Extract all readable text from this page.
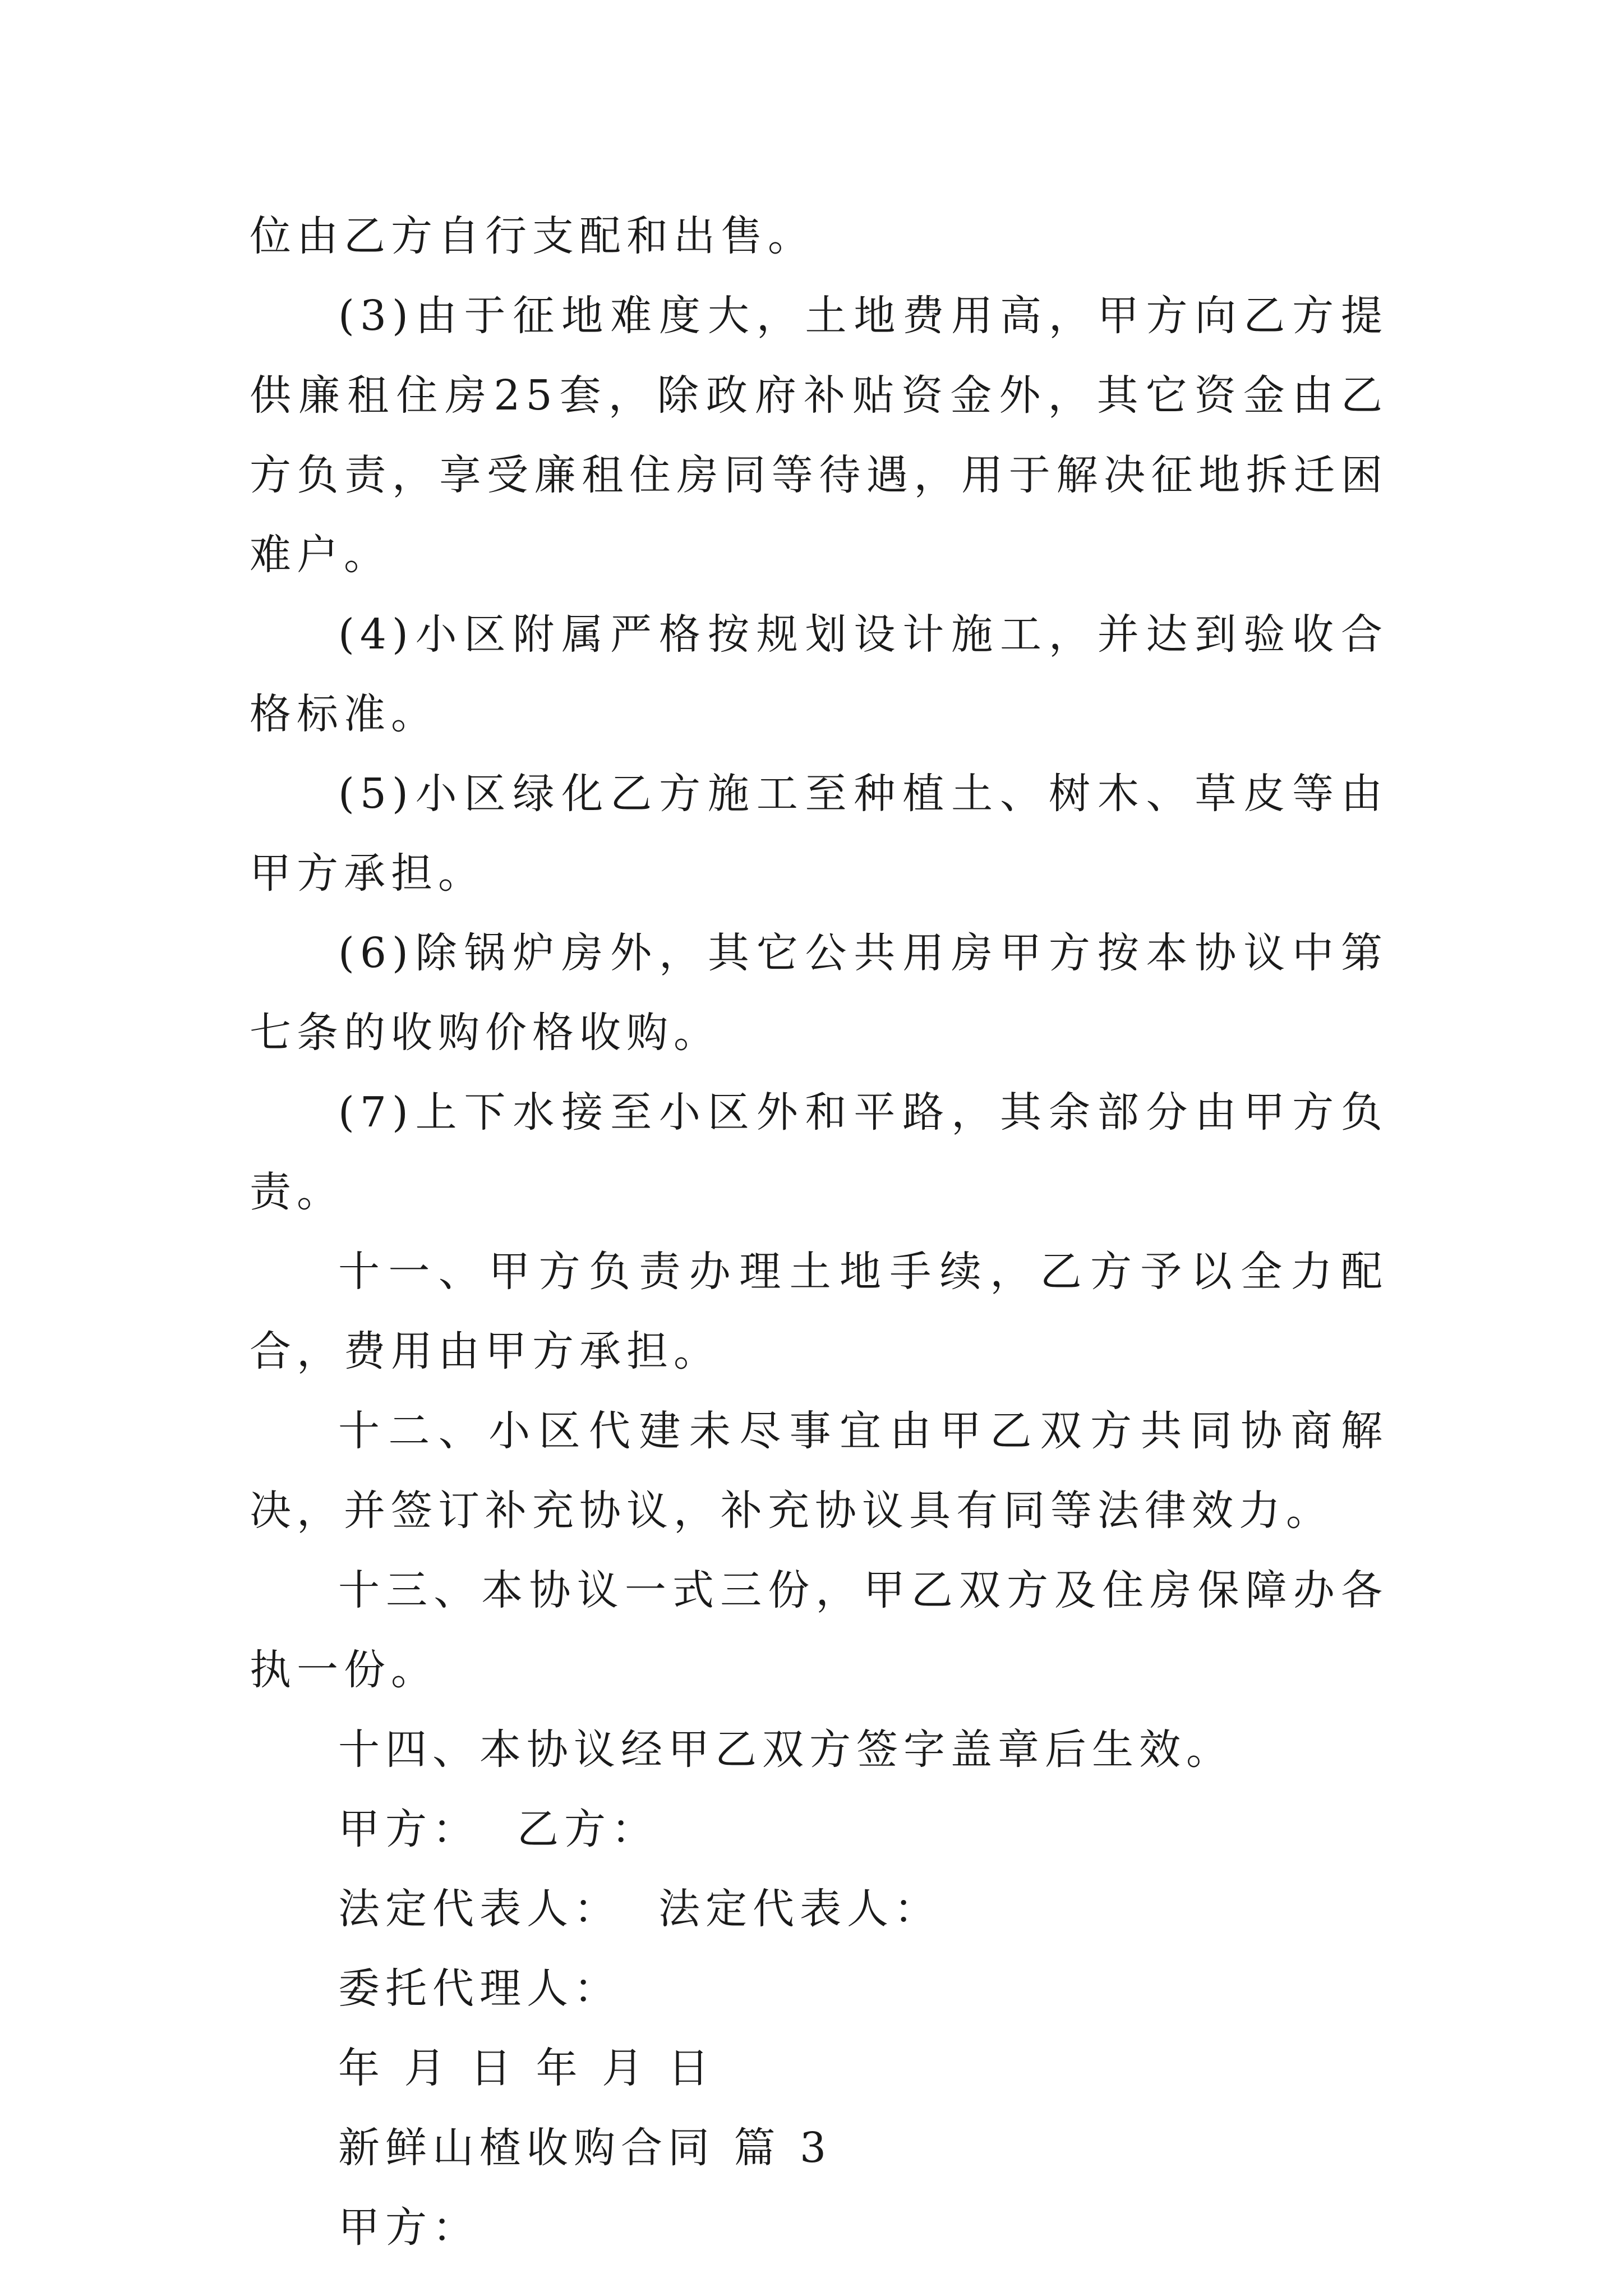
位由乙方自行支配和出售。

(3)由于征地难度大，土地费用高，甲方向乙方提供廉租住房25套，除政府补贴资金外，其它资金由乙方负责，享受廉租住房同等待遇，用于解决征地拆迁困难户。

(4)小区附属严格按规划设计施工，并达到验收合格标准。

(5)小区绿化乙方施工至种植土、树木、草皮等由甲方承担。

(6)除锅炉房外，其它公共用房甲方按本协议中第七条的收购价格收购。

(7)上下水接至小区外和平路，其余部分由甲方负责。

十一、甲方负责办理土地手续，乙方予以全力配合，费用由甲方承担。

十二、小区代建未尽事宜由甲乙双方共同协商解决，并签订补充协议，补充协议具有同等法律效力。

十三、本协议一式三份，甲乙双方及住房保障办各执一份。

十四、本协议经甲乙双方签字盖章后生效。

甲方：  乙方：

法定代表人：  法定代表人：

委托代理人：

年 月 日 年 月 日

新鲜山楂收购合同 篇 3

甲方：
